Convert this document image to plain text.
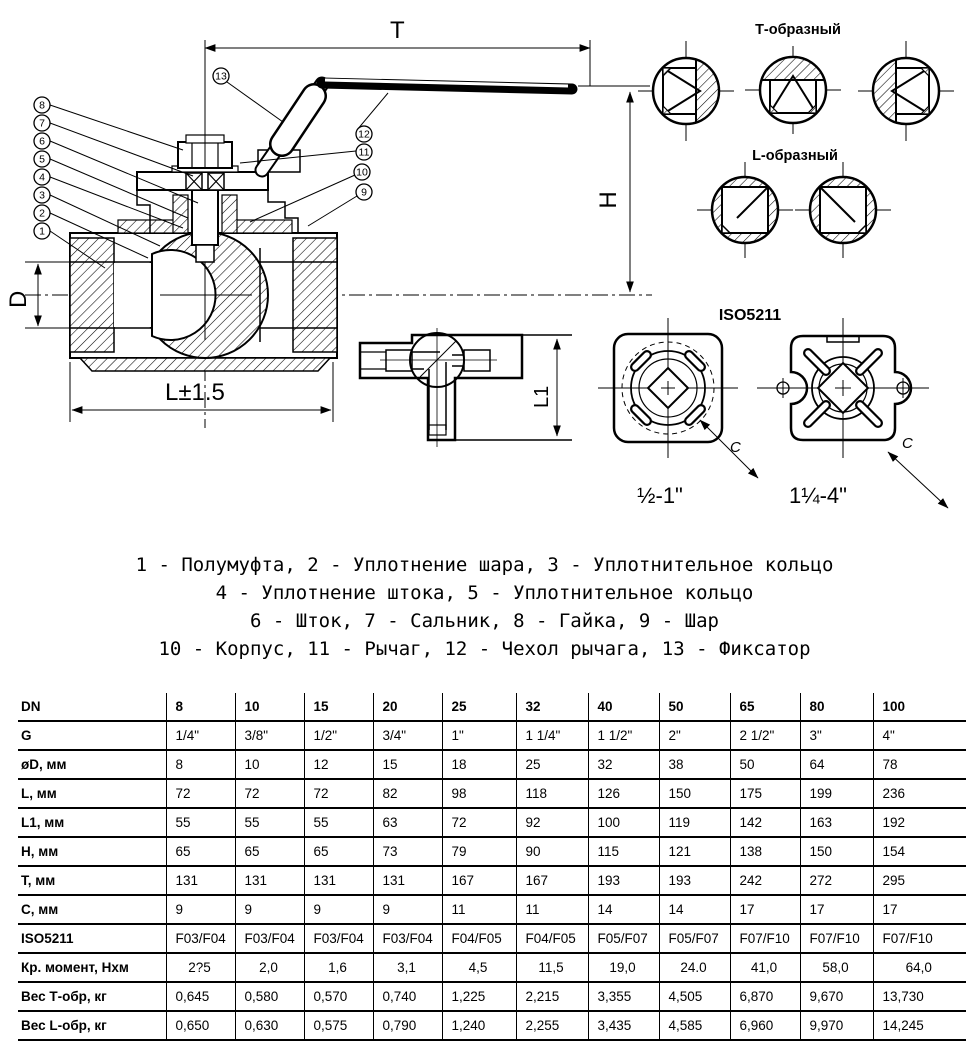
T
H
D
L±1.5
8
7
6
5
4
3
2
1
13
12
11
10
9
L1
Т-образный
L-образный
ISO5211
C
½-1"
C
1¼-4"
1 - Полумуфта, 2 - Уплотнение шара, 3 - Уплотнительное кольцо
4 - Уплотнение штока, 5 - Уплотнительное кольцо
6 - Шток, 7 - Сальник, 8 - Гайка, 9 - Шар
10 - Корпус, 11 - Рычаг, 12 - Чехол рычага, 13 - Фиксатор
DN	8	10	15	20	25	32	40	50	65	80	100
G	1/4"	3/8"	1/2"	3/4"	1"	1 1/4"	1 1/2"	2"	2 1/2"	3"	4"
øD, мм	8	10	12	15	18	25	32	38	50	64	78
L, мм	72	72	72	82	98	118	126	150	175	199	236
L1, мм	55	55	55	63	72	92	100	119	142	163	192
H, мм	65	65	65	73	79	90	115	121	138	150	154
T, мм	131	131	131	131	167	167	193	193	242	272	295
C, мм	9	9	9	9	11	11	14	14	17	17	17
ISO5211	F03/F04	F03/F04	F03/F04	F03/F04	F04/F05	F04/F05	F05/F07	F05/F07	F07/F10	F07/F10	F07/F10
Кр. момент, Нхм	2?5	2,0	1,6	3,1	4,5	11,5	19,0	24.0	41,0	58,0	64,0
Вес Т-обр, кг	0,645	0,580	0,570	0,740	1,225	2,215	3,355	4,505	6,870	9,670	13,730
Вес L-обр, кг	0,650	0,630	0,575	0,790	1,240	2,255	3,435	4,585	6,960	9,970	14,245
